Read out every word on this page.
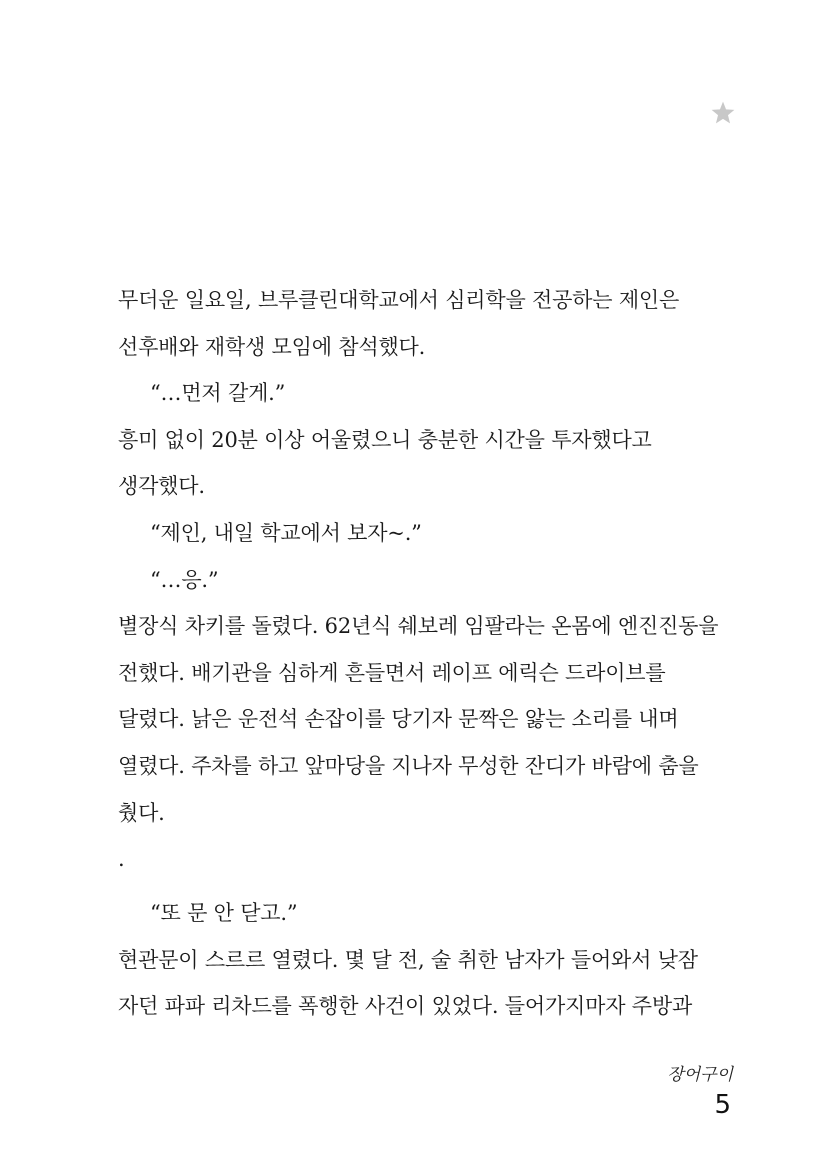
무더운 일요일, 브루클린대학교에서 심리학을 전공하는 제인은
선후배와 재학생 모임에 참석했다.
“…먼저 갈게.”
흥미 없이 20분 이상 어울렸으니 충분한 시간을 투자했다고
생각했다.
“제인, 내일 학교에서 보자~.”
“…응.”
별장식 차키를 돌렸다. 62년식 쉐보레 임팔라는 온몸에 엔진진동을
전했다. 배기관을 심하게 흔들면서 레이프 에릭슨 드라이브를
달렸다. 낡은 운전석 손잡이를 당기자 문짝은 앓는 소리를 내며
열렸다. 주차를 하고 앞마당을 지나자 무성한 잔디가 바람에 춤을
췄다.
.
“또 문 안 닫고.”
현관문이 스르르 열렸다. 몇 달 전, 술 취한 남자가 들어와서 낮잠
자던 파파 리차드를 폭행한 사건이 있었다. 들어가지마자 주방과
장어구이
5
